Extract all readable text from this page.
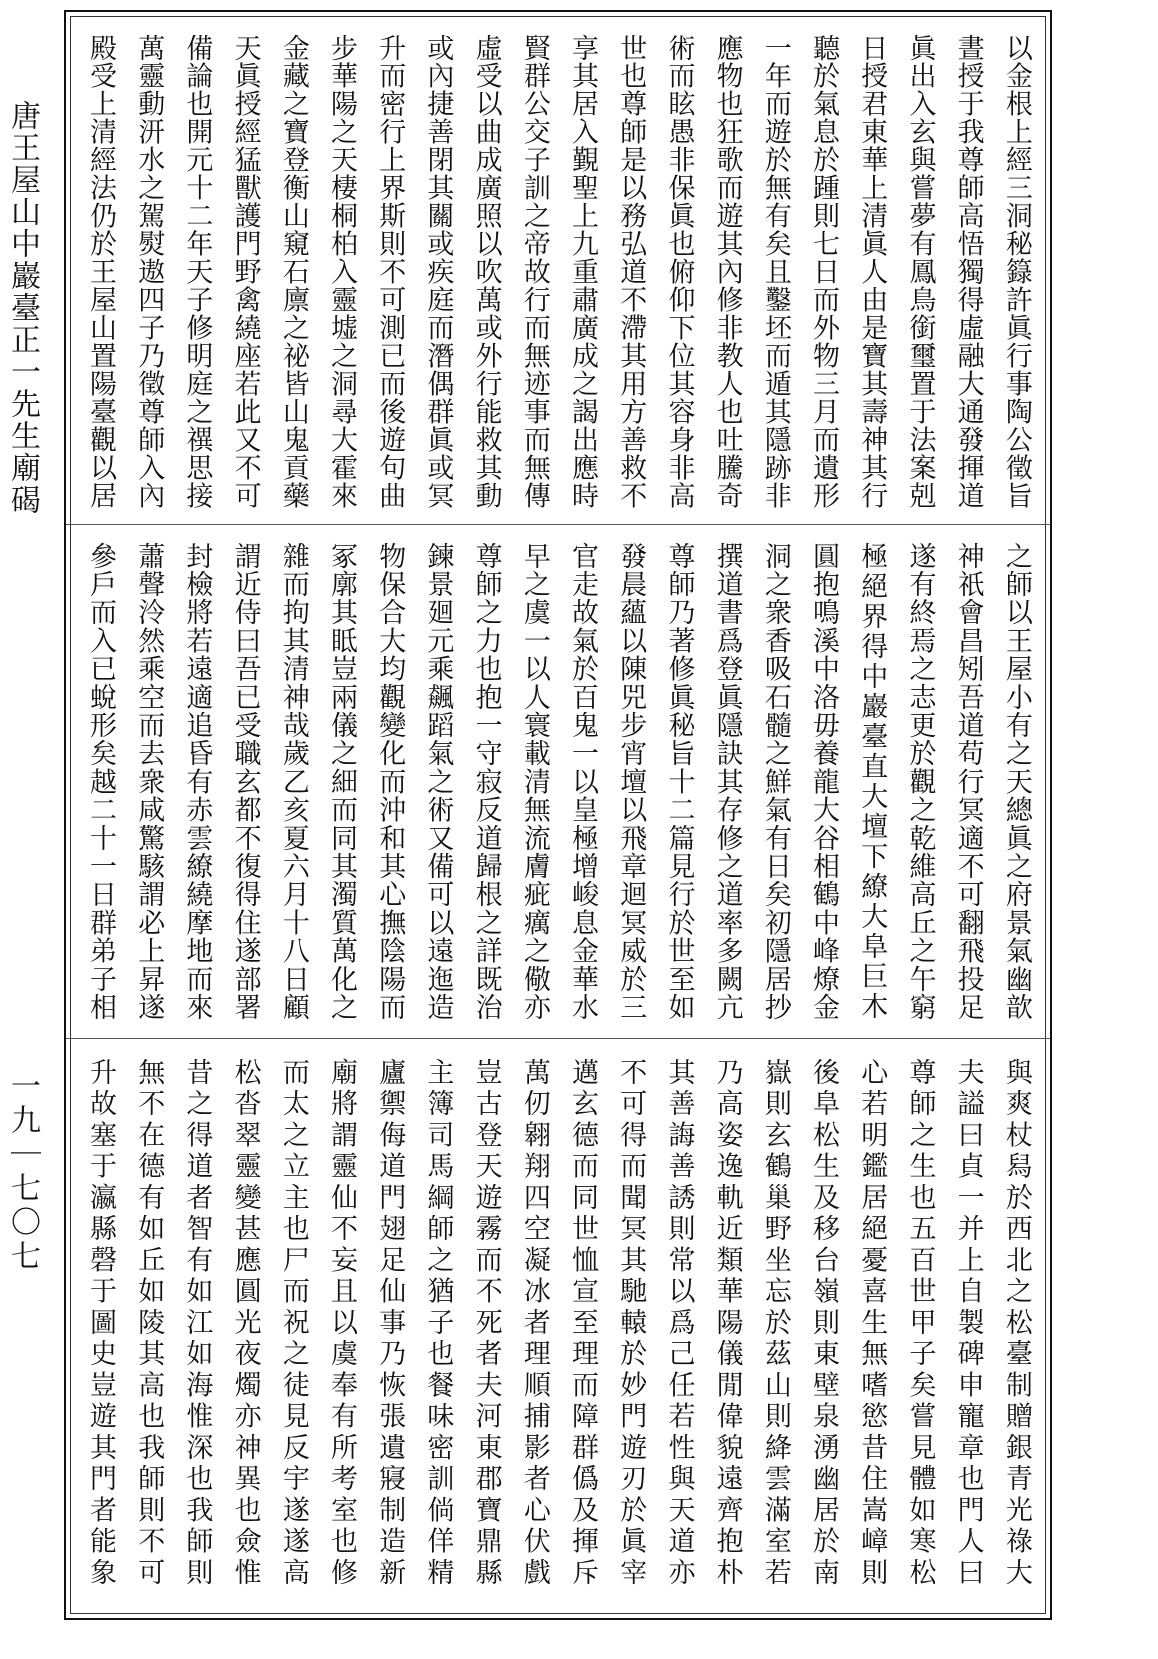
唐王屋山中巖臺正一先生廟碣
一九｜七〇七
以金根上經三洞秘籙許眞行事陶公徵旨
晝授于我尊師高悟獨得虛融大通發揮道
眞出入玄與嘗夢有鳳鳥銜璽置于法案剋
日授君東華上清眞人由是寶其壽神其行
聽於氣息於踵則七日而外物三月而遺形
一年而遊於無有矣且鑿坯而遁其隱跡非
應物也狂歌而遊其內修非教人也吐騰奇
術而眩愚非保眞也俯仰下位其容身非高
世也尊師是以務弘道不滯其用方善救不
享其居入覲聖上九重肅廣成之謁出應時
賢群公交子訓之帝故行而無迹事而無傳
虛受以曲成廣照以吹萬或外行能救其動
或內捷善閉其關或疾庭而潛偶群眞或冥
升而密行上界斯則不可測已而後遊句曲
步華陽之天棲桐柏入靈墟之洞尋大霍來
金藏之寶登衡山窺石廪之祕皆山鬼貢藥
天眞授經猛獸護門野禽繞座若此又不可
備論也開元十二年天子修明庭之禩思接
萬靈動汧水之駕熨遨四子乃徵尊師入內
殿受上清經法仍於王屋山置陽臺觀以居
之師以王屋小有之天總眞之府景氣幽歆
神祇會昌矧吾道苟行冥適不可翻飛投足
遂有終焉之志更於觀之乾維高丘之午窮
極絕界得中巖臺直大壇下繚大阜巨木
圓抱鳴溪中洛毋養龍大谷相鶴中峰燎金
洞之衆香吸石髓之鮮氣有日矣初隱居抄
撰道書爲登眞隱訣其存修之道率多闕亢
尊師乃著修眞秘旨十二篇見行於世至如
發晨蘊以陳兕步宵壇以飛章迴冥威於三
官走故氣於百鬼一以皇極增峻息金華水
早之虞一以人寰載清無流膚疵癘之儆亦
尊師之力也抱一守寂反道歸根之詳既治
鍊景廻元乘飆蹈氣之術又備可以遠迤造
物保合大均觀變化而沖和其心撫陰陽而
冢廓其眡豈兩儀之細而同其濁質萬化之
雜而拘其清神哉歲乙亥夏六月十八日顧
謂近侍曰吾已受職玄都不復得住遂部署
封檢將若遠適追昏有赤雲繚繞摩地而來
蕭聲泠然乘空而去衆咸驚駭謂必上昇遂
參戶而入已蛻形矣越二十一日群弟子相
與爽杖舄於西北之松臺制贈銀青光祿大
夫謚曰貞一并上自製碑申寵章也門人曰
尊師之生也五百世甲子矣嘗見體如寒松
心若明鑑居絕憂喜生無嗜慾昔住嵩嶂則
後阜松生及移台嶺則東壁泉湧幽居於南
嶽則玄鶴巢野坐忘於茲山則絳雲滿室若
乃高姿逸軌近類華陽儀閒偉貌遠齊抱朴
其善誨善誘則常以爲己任若性與天道亦
不可得而聞冥其馳轅於妙門遊刃於眞宰
邁玄德而同世恤宣至理而障群僞及揮斥
萬仞翱翔四空凝冰者理順捕影者心伏戲
豈古登天遊霧而不死者夫河東郡寶鼎縣
主簿司馬綱師之猶子也餐味密訓倘佯精
廬禦侮道門翅足仙事乃恢張遺寢制造新
廟將謂靈仙不妄且以虞奉有所考室也修
而太之立主也尸而祝之徒見反宇遂遂高
松沓翠靈變甚應圓光夜燭亦神異也僉惟
昔之得道者智有如江如海惟深也我師則
無不在德有如丘如陵其高也我師則不可
升故塞于瀛縣磬于圖史豈遊其門者能象
